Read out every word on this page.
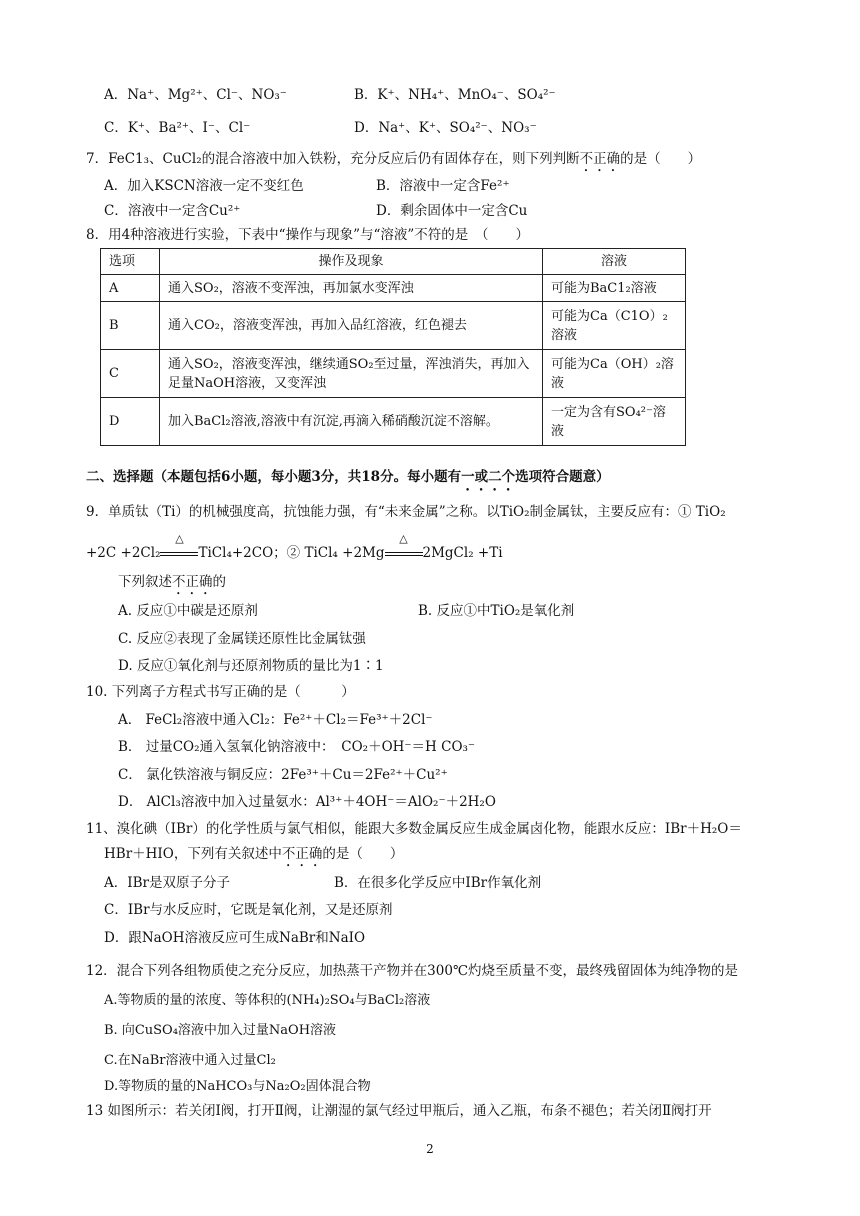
A．Na⁺、Mg²⁺、Cl⁻、NO₃⁻	B．K⁺、NH₄⁺、MnO₄⁻、SO₄²⁻
C．K⁺、Ba²⁺、I⁻、Cl⁻	D．Na⁺、K⁺、SO₄²⁻、NO₃⁻
7．FeC1₃、CuCl₂的混合溶液中加入铁粉，充分反应后仍有固体存在，则下列判断不正确的是（　　）
A．加入KSCN溶液一定不变红色	B．溶液中一定含Fe²⁺
C．溶液中一定含Cu²⁺	D．剩余固体中一定含Cu
8．用4种溶液进行实验，下表中“操作与现象”与“溶液”不符的是　（　　）
选项	操作及现象	溶液
A	通入SO₂，溶液不变浑浊，再加氯水变浑浊	可能为BaC1₂溶液
B	通入CO₂，溶液变浑浊，再加入品红溶液，红色褪去	可能为Ca（C1O）₂溶液
C	通入SO₂，溶液变浑浊，继续通SO₂至过量，浑浊消失，再加入足量NaOH溶液，又变浑浊	可能为Ca（OH）₂溶液
D	加入BaCl₂溶液,溶液中有沉淀,再滴入稀硝酸沉淀不溶解。	一定为含有SO₄²⁻溶液
二、选择题（本题包括6小题，每小题3分，共18分。每小题有一或二个选项符合题意）
9．单质钛（Ti）的机械强度高，抗蚀能力强，有“未来金属”之称。以TiO₂制金属钛，主要反应有：① TiO₂
+2C +2Cl₂
△
TiCl₄+2CO；② TiCl₄ +2Mg
△
2MgCl₂ +Ti
下列叙述不正确的
A. 反应①中碳是还原剂	B. 反应①中TiO₂是氧化剂
C. 反应②表现了金属镁还原性比金属钛强
D. 反应①氧化剂与还原剂物质的量比为1∶1
10. 下列离子方程式书写正确的是（　　　）
A． FeCl₂溶液中通入Cl₂：Fe²⁺＋Cl₂＝Fe³⁺＋2Cl⁻
B． 过量CO₂通入氢氧化钠溶液中：　CO₂＋OH⁻＝H CO₃⁻
C． 氯化铁溶液与铜反应：2Fe³⁺＋Cu＝2Fe²⁺＋Cu²⁺
D． AlCl₃溶液中加入过量氨水：Al³⁺＋4OH⁻＝AlO₂⁻＋2H₂O
11、溴化碘（IBr）的化学性质与氯气相似，能跟大多数金属反应生成金属卤化物，能跟水反应：IBr＋H₂O＝
HBr＋HIO，下列有关叙述中不正确的是（　　）
A．IBr是双原子分子	B．在很多化学反应中IBr作氧化剂
C．IBr与水反应时，它既是氧化剂，又是还原剂
D．跟NaOH溶液反应可生成NaBr和NaIO
12．混合下列各组物质使之充分反应，加热蒸干产物并在300℃灼烧至质量不变，最终残留固体为纯净物的是
A.等物质的量的浓度、等体积的(NH₄)₂SO₄与BaCl₂溶液
B. 向CuSO₄溶液中加入过量NaOH溶液
C.在NaBr溶液中通入过量Cl₂
D.等物质的量的NaHCO₃与Na₂O₂固体混合物
13 如图所示：若关闭Ⅰ阀，打开Ⅱ阀，让潮湿的氯气经过甲瓶后，通入乙瓶，布条不褪色；若关闭Ⅱ阀打开
2
